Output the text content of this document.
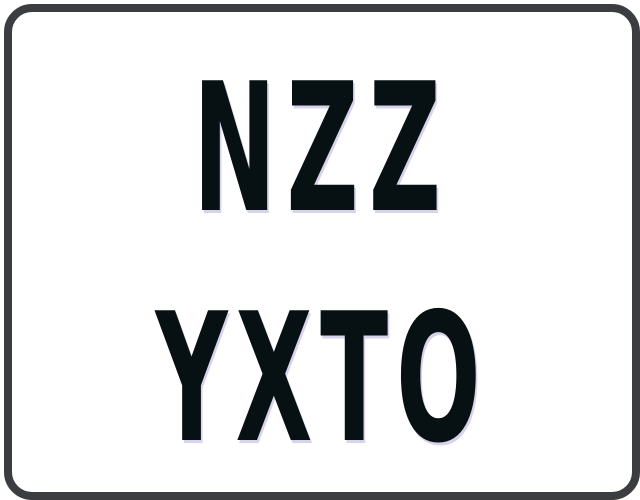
NZZ
YXTO
